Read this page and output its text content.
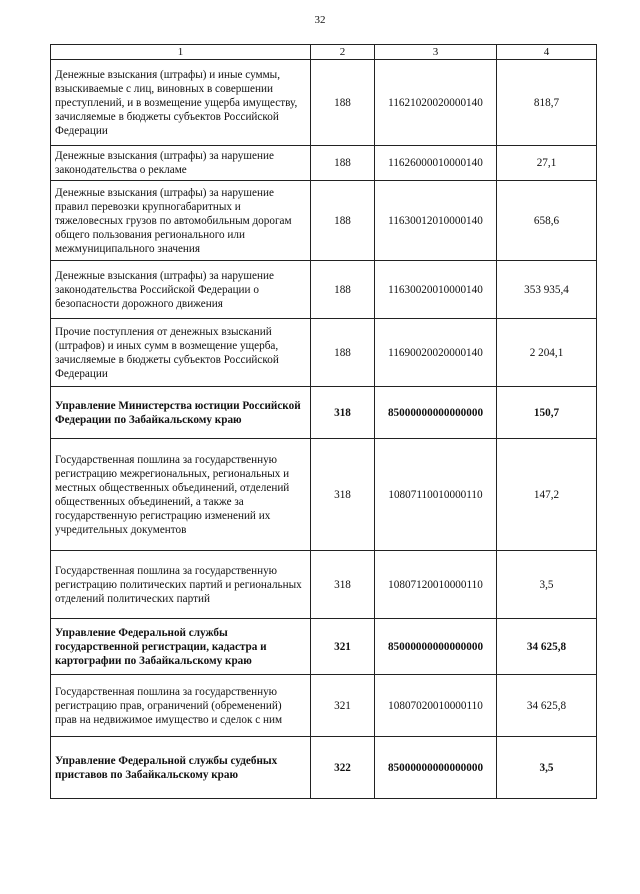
32
1	2	3	4
Денежные взыскания (штрафы) и иные суммы, взыскиваемые с лиц, виновных в совершении преступлений, и в возмещение ущерба имуществу, зачисляемые в бюджеты субъектов Российской Федерации	188	11621020020000140	818,7
Денежные взыскания (штрафы) за нарушение законодательства о рекламе	188	11626000010000140	27,1
Денежные взыскания (штрафы) за нарушение правил перевозки крупногабаритных и тяжеловесных грузов по автомобильным дорогам общего пользования регионального или межмуниципального значения	188	11630012010000140	658,6
Денежные взыскания (штрафы) за нарушение законодательства Российской Федерации о безопасности дорожного движения	188	11630020010000140	353 935,4
Прочие поступления от денежных взысканий (штрафов) и иных сумм в возмещение ущерба, зачисляемые в бюджеты субъектов Российской Федерации	188	11690020020000140	2 204,1
Управление Министерства юстиции Российской Федерации по Забайкальскому краю	318	85000000000000000	150,7
Государственная пошлина за государственную регистрацию межрегиональных, региональных и местных общественных объединений, отделений общественных объединений, а также за государственную регистрацию изменений их учредительных документов	318	10807110010000110	147,2
Государственная пошлина за государственную регистрацию политических партий и региональных отделений политических партий	318	10807120010000110	3,5
Управление Федеральной службы государственной регистрации, кадастра и картографии по Забайкальскому краю	321	85000000000000000	34 625,8
Государственная пошлина за государственную регистрацию прав, ограничений (обременений) прав на недвижимое имущество и сделок с ним	321	10807020010000110	34 625,8
Управление Федеральной службы судебных приставов по Забайкальскому краю	322	85000000000000000	3,5
